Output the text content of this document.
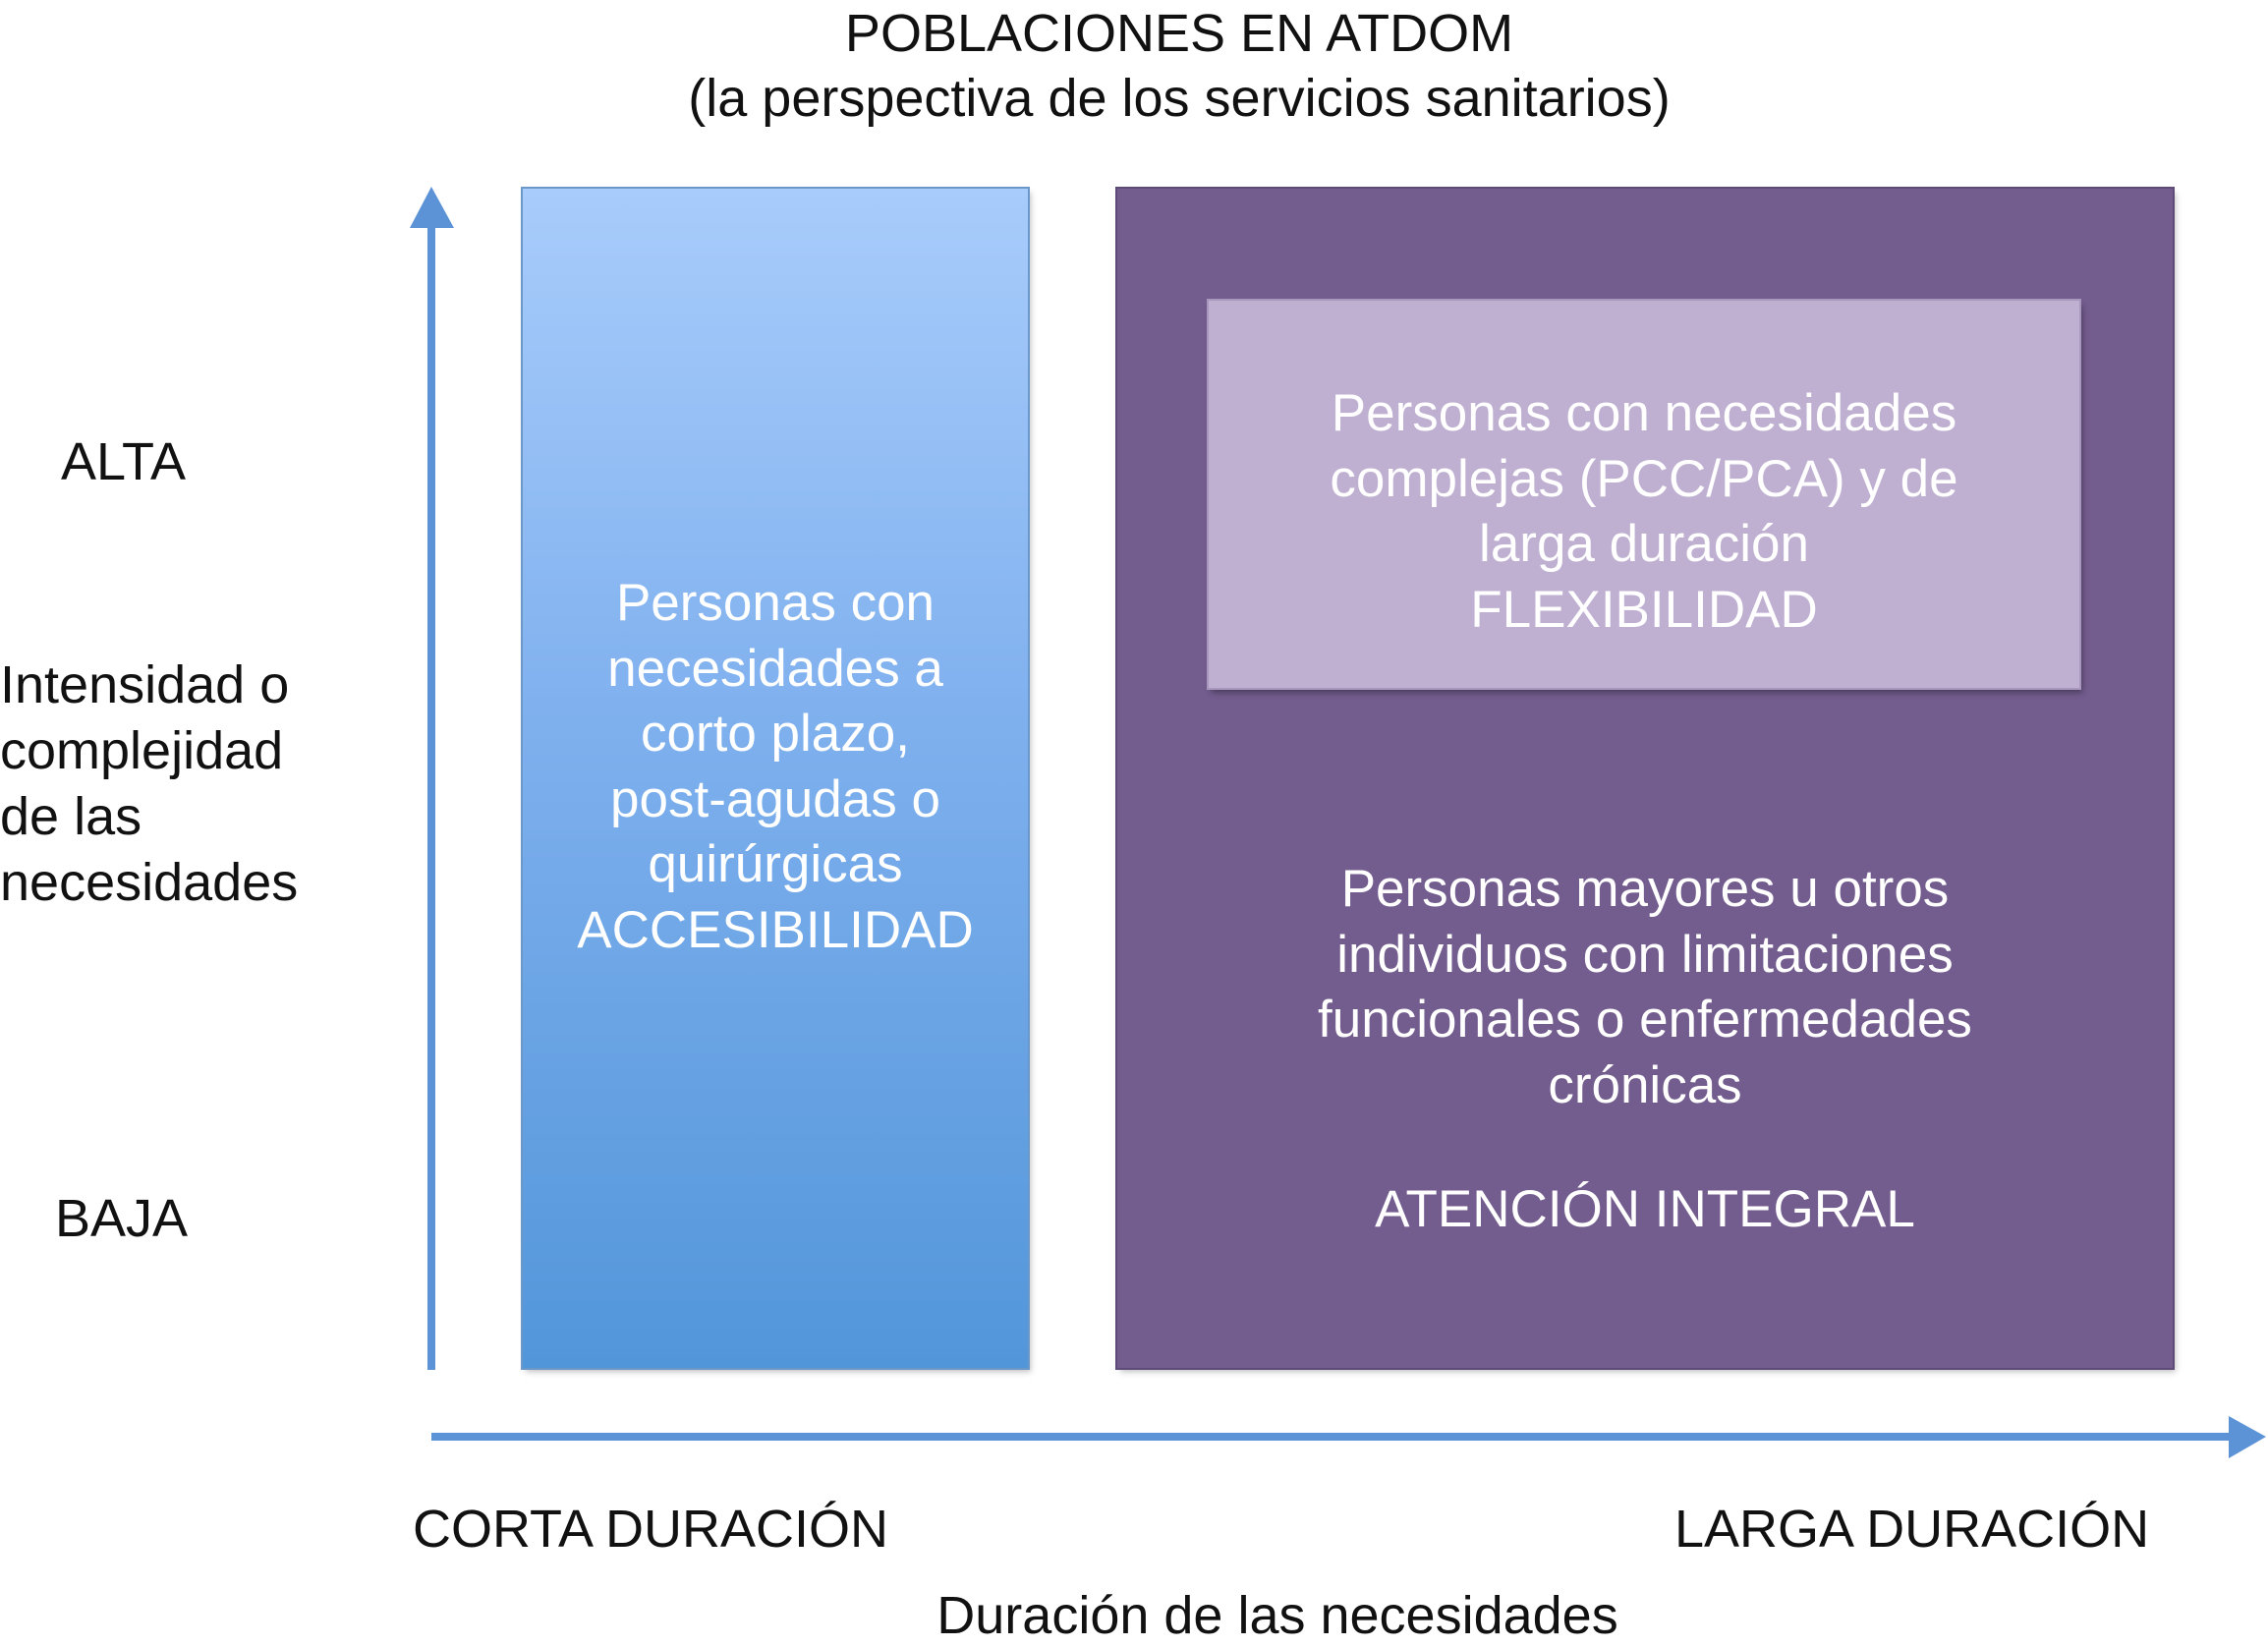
POBLACIONES EN ATDOM
(la perspectiva de los servicios sanitarios)
ALTA
Intensidad o
complejidad
de las
necesidades
BAJA
Personas con
necesidades a
corto plazo,
post-agudas o
quirúrgicas
ACCESIBILIDAD
Personas con necesidades
complejas (PCC/PCA) y de
larga duración
FLEXIBILIDAD
Personas mayores u otros
individuos con limitaciones
funcionales o enfermedades
crónicas
ATENCIÓN INTEGRAL
CORTA DURACIÓN	LARGA DURACIÓN
Duración de las necesidades
